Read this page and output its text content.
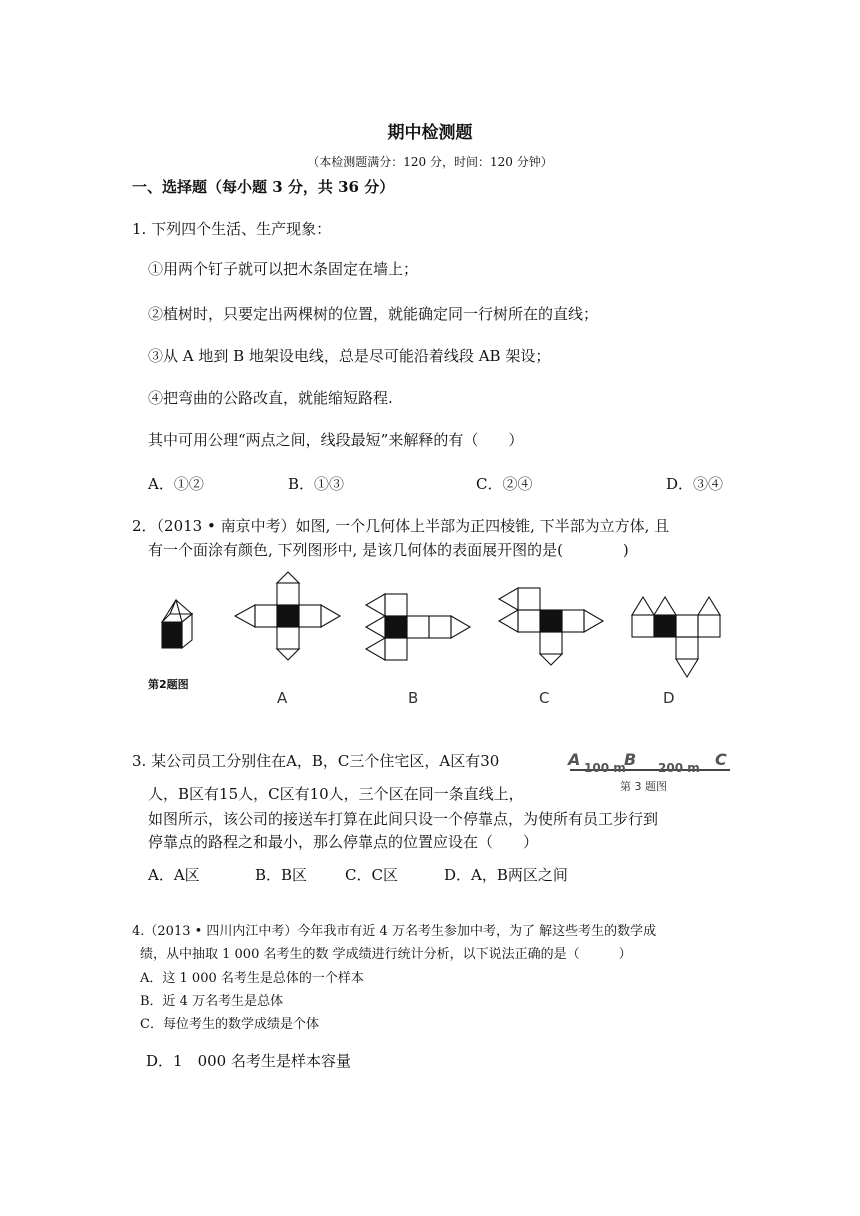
期中检测题
（本检测题满分：120 分，时间：120 分钟）
一、选择题（每小题 3 分，共 36 分）
1. 下列四个生活、生产现象：
①用两个钉子就可以把木条固定在墙上；
②植树时，只要定出两棵树的位置，就能确定同一行树所在的直线；
③从 A 地到 B 地架设电线，总是尽可能沿着线段 AB 架设；
④把弯曲的公路改直，就能缩短路程.
其中可用公理“两点之间，线段最短”来解释的有（　　）
A．①②	B．①③	C．②④	D．③④
2．（2013 • 南京中考）如图, 一个几何体上半部为正四棱锥, 下半部为立方体, 且
有一个面涂有颜色, 下列图形中, 是该几何体的表面展开图的是(　　　　)
第2题图
A	B	C	D
3. 某公司员工分别住在A，B，C三个住宅区，A区有30
人，B区有15人，C区有10人，三个区在同一条直线上，
如图所示，该公司的接送车打算在此间只设一个停靠点，为使所有员工步行到
停靠点的路程之和最小，那么停靠点的位置应设在（　　）
A	B	C
100 m	200 m
第 3 题图
A．A区	B．B区	C．C区	D．A，B两区之间
4.（2013 • 四川内江中考）今年我市有近 4 万名考生参加中考，为了 解这些考生的数学成
绩，从中抽取 1 000 名考生的数 学成绩进行统计分析，以下说法正确的是（　　　）
A．这 1 000 名考生是总体的一个样本
B．近 4 万名考生是总体
C．每位考生的数学成绩是个体
D．1　000 名考生是样本容量
